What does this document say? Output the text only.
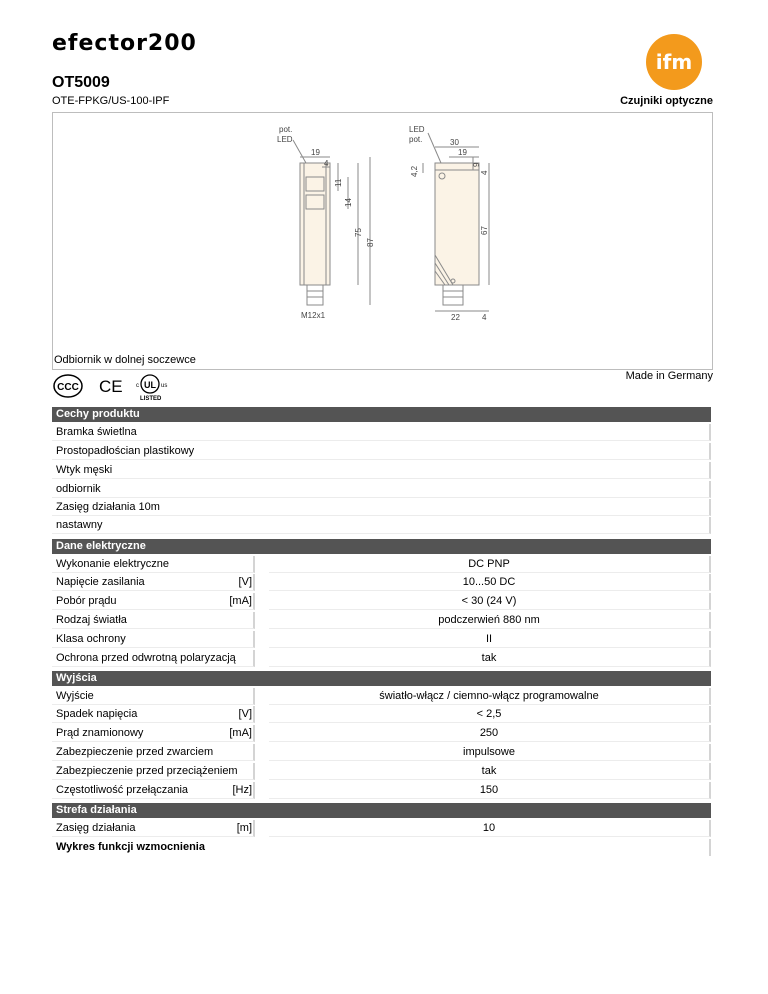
efector200
ifm
OT5009
OTE-FPKG/US-100-IPF	Czujniki optyczne
pot.
LED
19
4
11
14
75
87
M12x1
LED
pot.	30
19
9
4,2	4
67
22	4
Odbiornik w dolnej soczewce
Made in Germany
CCC CE UL
c	us
LISTED
Cechy produktu
Bramka świetlna
Prostopadłościan plastikowy
Wtyk męski
odbiornik
Zasięg działania 10m
nastawny
Dane elektryczne
Wykonanie elektryczne	DC PNP
Napięcie zasilania	[V]	10...50 DC
Pobór prądu	[mA]	< 30 (24 V)
Rodzaj światła	podczerwień 880 nm
Klasa ochrony	II
Ochrona przed odwrotną polaryzacją	tak
Wyjścia
Wyjście	światło-włącz / ciemno-włącz programowalne
Spadek napięcia	[V]	< 2,5
Prąd znamionowy	[mA]	250
Zabezpieczenie przed zwarciem	impulsowe
Zabezpieczenie przed przeciążeniem	tak
Częstotliwość przełączania	[Hz]	150
Strefa działania
Zasięg działania	[m]	10
Wykres funkcji wzmocnienia
